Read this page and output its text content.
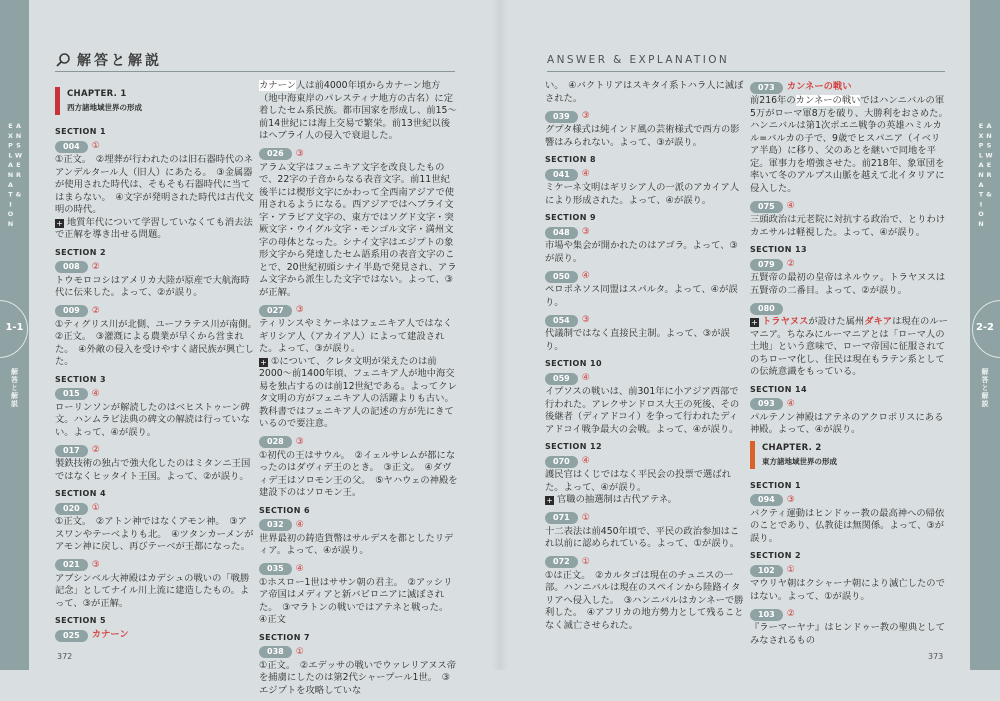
ANSWER & EXPLANATION
1-1
解答と解説
ANSWER & EXPLANATION
2-2
解答と解説
解答と解説	ANSWER & EXPLANATION
CHAPTER. 1
西方諸地域世界の形成
SECTION 1
004	①
①正文。　②埋葬が行われたのは旧石器時代のネアンデルタール人（旧人）にあたる。　③金属器が使用された時代は、そもそも石器時代に当てはまらない。　④文字が発明された時代は古代文明の時代。
+ 地質年代について学習していなくても消去法で正解を導き出せる問題。
SECTION 2
008	②
トウモロコシはアメリカ大陸が原産で大航海時代に伝来した。よって、②が誤り。
009	②
①ティグリス川が北側、ユーフラテス川が南側。　②正文。　③灌漑による農業が早くから営まれた。　④外敵の侵入を受けやすく諸民族が興亡した。
SECTION 3
015	④
ローリンソンが解読したのはベヒストゥーン碑文。ハンムラビ法典の碑文の解読は行っていない。よって、④が誤り。
017	②
製鉄技術の独占で強大化したのはミタンニ王国ではなくヒッタイト王国。よって、②が誤り。
SECTION 4
020	①
①正文。　②アトン神ではなくアモン神。　③アスワンやテーベよりも北。　④ツタンカーメンがアモン神に戻し、再びテーベが王都になった。
021	③
アブシンベル大神殿はカデシュの戦いの「戦勝記念」としてナイル川上流に建造したもの。よって、③が正解。
SECTION 5
025	カナーン
カナーン人は前4000年頃からカナーン地方（地中海東岸のパレスティナ地方の古名）に定着したセム系民族。都市国家を形成し、前15〜前14世紀には海上交易で繁栄。前13世紀以後はヘブライ人の侵入で衰退した。
026	③
アラム文字はフェニキア文字を改良したもので、22字の子音からなる表音文字。前11世紀後半には楔形文字にかわって全西南アジアで使用されるようになる。西アジアではヘブライ文字・アラビア文字の、東方ではソグド文字・突厥文字・ウイグル文字・モンゴル文字・満州文字の母体となった。シナイ文字はエジプトの象形文字から発達したセム語系用の表音文字のことで、20世紀初頭シナイ半島で発見され、アラム文字から派生した文字ではない。よって、③が正解。
027	③
ティリンスやミケーネはフェニキア人ではなくギリシア人（アカイア人）によって建設された。よって、③が誤り。
+ ①について、クレタ文明が栄えたのは前2000〜前1400年頃、フェニキア人が地中海交易を独占するのは前12世紀である。よってクレタ文明の方がフェニキア人の活躍よりも古い。教科書ではフェニキア人の記述の方が先にきているので要注意。
028	③
①初代の王はサウル。　②イェルサレムが都になったのはダヴィデ王のとき。　③正文。　④ダヴィデ王はソロモン王の父。　⑤ヤハウェの神殿を建設下のはソロモン王。
SECTION 6
032	④
世界最初の鋳造貨幣はサルデスを都としたリディア。よって、④が誤り。
035	④
①ホスロー1世はササン朝の君主。　②アッシリア帝国はメディアと新バビロニアに滅ぼされた。　③マラトンの戦いではアテネと戦った。　④正文
SECTION 7
038	①
①正文。　②エデッサの戦いでウァレリアヌス帝を捕虜にしたのは第2代シャープール1世。　③エジプトを攻略していな
い。　④バクトリアはスキタイ系トハラ人に滅ぼされた。
039	③
グプタ様式は純インド風の芸術様式で西方の影響はみられない。よって、③が誤り。
SECTION 8
041	④
ミケーネ文明はギリシア人の一派のアカイア人により形成された。よって、④が誤り。
SECTION 9
048	③
市場や集会が開かれたのはアゴラ。よって、③が誤り。
050	④
ペロポネソス同盟はスパルタ。よって、④が誤り。
054	③
代議制ではなく直接民主制。よって、③が誤り。
SECTION 10
059	④
イプソスの戦いは、前301年に小アジア西部で行われた。アレクサンドロス大王の死後、その後継者（ディアドコイ）を争って行われたディアドコイ戦争最大の会戦。よって、④が誤り。
SECTION 12
070	④
護民官はくじではなく平民会の投票で選ばれた。よって、④が誤り。
+ 官職の抽選制は古代アテネ。
071	①
十二表法は前450年頃で、平民の政治参加はこれ以前に認められている。よって、①が誤り。
072	①
①は正文。　②カルタゴは現在のチュニスの一部。ハンニバルは現在のスペインから陸路イタリアへ侵入した。　③ハンニバルはカンネーで勝利した。　④アフリカの地方勢力として残ることなく滅亡させられた。
073	カンネーの戦い
前216年のカンネーの戦いではハンニバルの軍5万がローマ軍8万を破り、大勝利をおさめた。ハンニバルは第1次ポエニ戦争の英雄ハミルカル=バルカの子で、9歳でヒスパニア（イベリア半島）に移り、父のあとを継いで同地を平定。軍事力を増強させた。前218年、象軍団を率いて冬のアルプス山脈を越えて北イタリアに侵入した。
075	④
三頭政治は元老院に対抗する政治で、とりわけカエサルは軽視した。よって、④が誤り。
SECTION 13
079	②
五賢帝の最初の皇帝はネルウァ。トラヤヌスは五賢帝の二番目。よって、②が誤り。
080
+ トラヤヌスが設けた属州ダキアは現在のルーマニア。ちなみにルーマニアとは「ローマ人の土地」という意味で、ローマ帝国に征服されてのちローマ化し、住民は現在もラテン系としての伝統意識をもっている。
SECTION 14
093	④
パルテノン神殿はアテネのアクロポリスにある神殿。よって、④が誤り。
CHAPTER. 2
東方諸地域世界の形成
SECTION 1
094	③
バクティ運動はヒンドゥー教の最高神への帰依のことであり、仏教徒は無関係。よって、③が誤り。
SECTION 2
102	①
マウリヤ朝はクシャーナ朝により滅亡したのではない。よって、①が誤り。
103	②
『ラーマーヤナ』はヒンドゥー教の聖典としてみなされるもの
372	373
